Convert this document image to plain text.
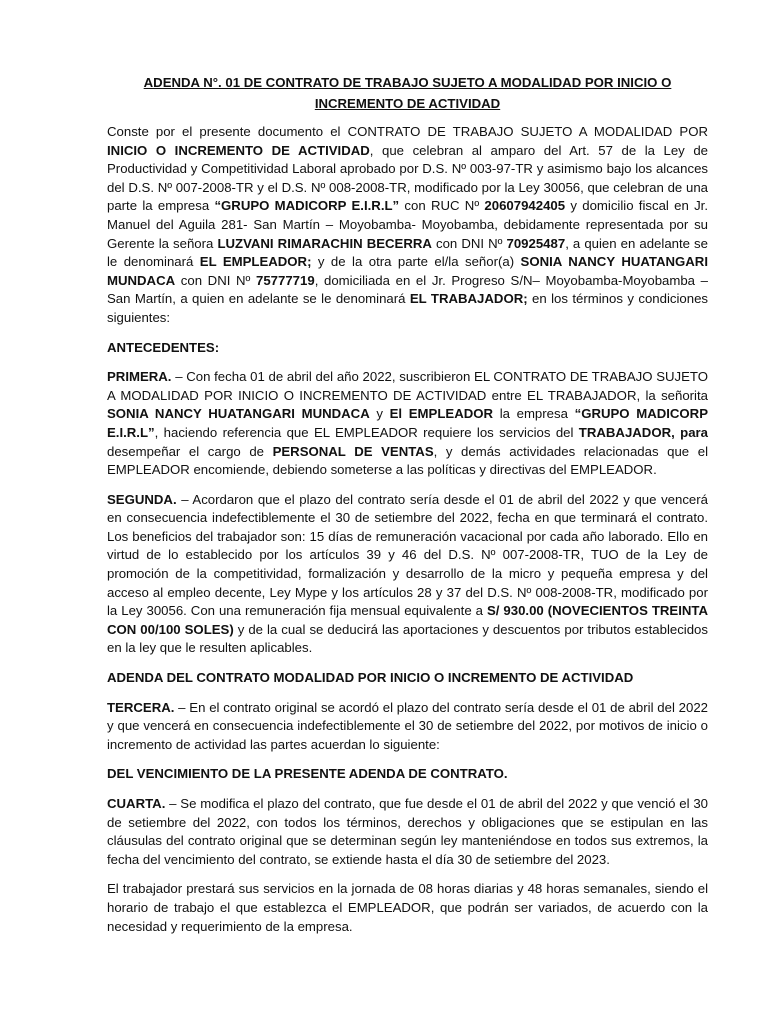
ADENDA N°. 01 DE CONTRATO DE TRABAJO SUJETO A MODALIDAD POR INICIO O
INCREMENTO DE ACTIVIDAD

Conste por el presente documento el CONTRATO DE TRABAJO SUJETO A MODALIDAD POR INICIO O INCREMENTO DE ACTIVIDAD, que celebran al amparo del Art. 57 de la Ley de Productividad y Competitividad Laboral aprobado por D.S. Nº 003-97-TR y asimismo bajo los alcances del D.S. Nº 007-2008-TR y el D.S. Nº 008-2008-TR, modificado por la Ley 30056, que celebran de una parte la empresa “GRUPO MADICORP E.I.R.L” con RUC Nº 20607942405 y domicilio fiscal en Jr. Manuel del Aguila 281- San Martín – Moyobamba- Moyobamba, debidamente representada por su Gerente la señora LUZVANI RIMARACHIN BECERRA con DNI Nº 70925487, a quien en adelante se le denominará EL EMPLEADOR; y de la otra parte el/la señor(a) SONIA NANCY HUATANGARI MUNDACA con DNI Nº 75777719, domiciliada en el Jr. Progreso S/N– Moyobamba-Moyobamba – San Martín, a quien en adelante se le denominará EL TRABAJADOR; en los términos y condiciones siguientes:

ANTECEDENTES:

PRIMERA. – Con fecha 01 de abril del año 2022, suscribieron EL CONTRATO DE TRABAJO SUJETO A MODALIDAD POR INICIO O INCREMENTO DE ACTIVIDAD entre EL TRABAJADOR, la señorita SONIA NANCY HUATANGARI MUNDACA y El EMPLEADOR la empresa “GRUPO MADICORP E.I.R.L”, haciendo referencia que EL EMPLEADOR requiere los servicios del TRABAJADOR, para desempeñar el cargo de PERSONAL DE VENTAS, y demás actividades relacionadas que el EMPLEADOR encomiende, debiendo someterse a las políticas y directivas del EMPLEADOR.

SEGUNDA. – Acordaron que el plazo del contrato sería desde el 01 de abril del 2022 y que vencerá en consecuencia indefectiblemente el 30 de setiembre del 2022, fecha en que terminará el contrato. Los beneficios del trabajador son: 15 días de remuneración vacacional por cada año laborado. Ello en virtud de lo establecido por los artículos 39 y 46 del D.S. Nº 007-2008-TR, TUO de la Ley de promoción de la competitividad, formalización y desarrollo de la micro y pequeña empresa y del acceso al empleo decente, Ley Mype y los artículos 28 y 37 del D.S. Nº 008-2008-TR, modificado por la Ley 30056. Con una remuneración fija mensual equivalente a S/ 930.00 (NOVECIENTOS TREINTA CON 00/100 SOLES) y de la cual se deducirá las aportaciones y descuentos por tributos establecidos en la ley que le resulten aplicables.

ADENDA DEL CONTRATO MODALIDAD POR INICIO O INCREMENTO DE ACTIVIDAD

TERCERA. – En el contrato original se acordó el plazo del contrato sería desde el 01 de abril del 2022 y que vencerá en consecuencia indefectiblemente el 30 de setiembre del 2022, por motivos de inicio o incremento de actividad las partes acuerdan lo siguiente:

DEL VENCIMIENTO DE LA PRESENTE ADENDA DE CONTRATO.

CUARTA. – Se modifica el plazo del contrato, que fue desde el 01 de abril del 2022 y que venció el 30 de setiembre del 2022, con todos los términos, derechos y obligaciones que se estipulan en las cláusulas del contrato original que se determinan según ley manteniéndose en todos sus extremos, la fecha del vencimiento del contrato, se extiende hasta el día 30 de setiembre del 2023.

El trabajador prestará sus servicios en la jornada de 08 horas diarias y 48 horas semanales, siendo el horario de trabajo el que establezca el EMPLEADOR, que podrán ser variados, de acuerdo con la necesidad y requerimiento de la empresa.
